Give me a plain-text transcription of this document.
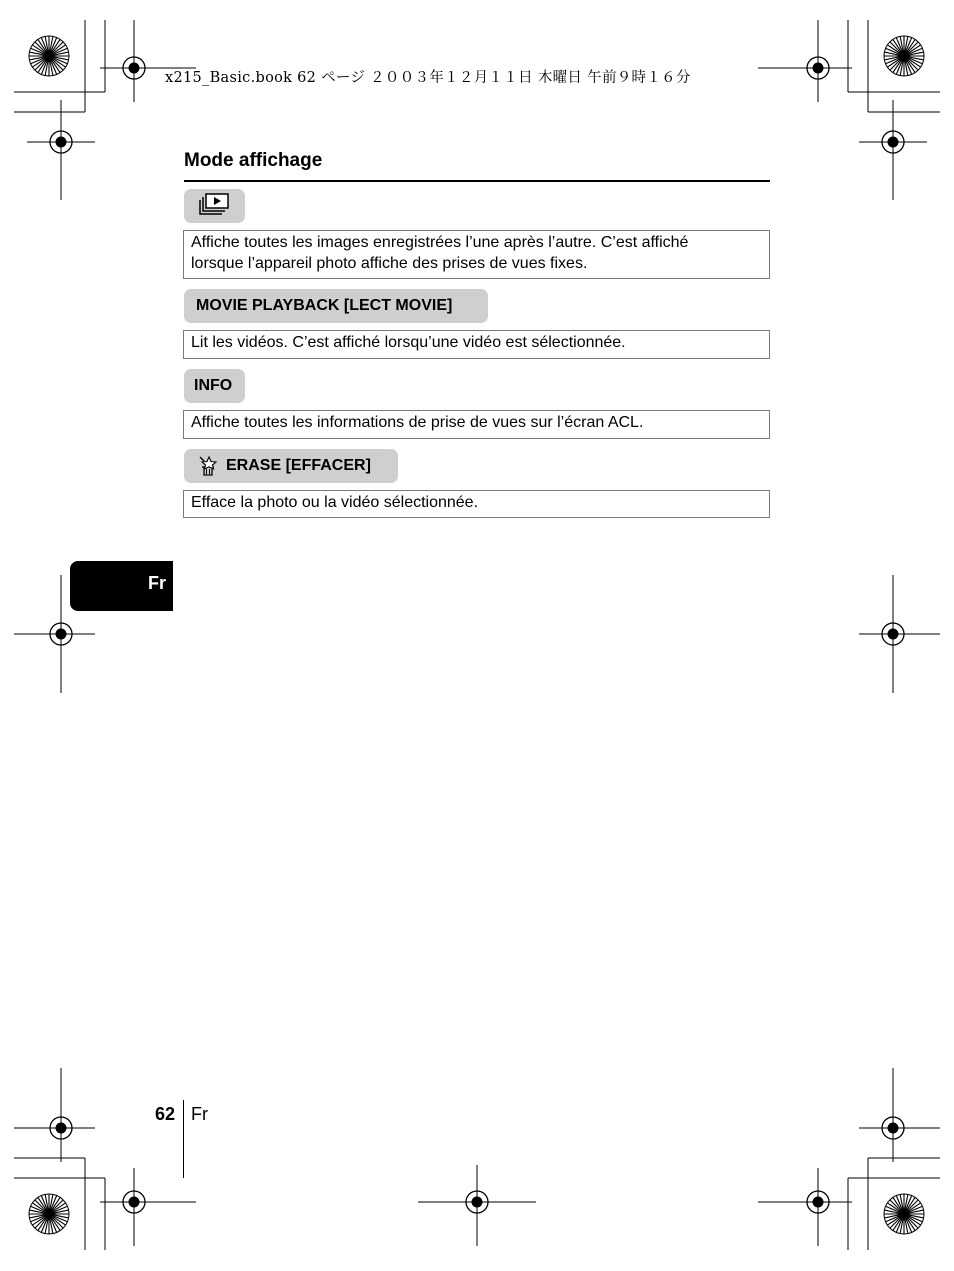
x215_Basic.book 62 ページ ２００３年１２月１１日 木曜日 午前９時１６分
Mode affichage
Affiche toutes les images enregistrées l’une après l’autre. C’est affiché
lorsque l’appareil photo affiche des prises de vues fixes.
MOVIE PLAYBACK [LECT MOVIE]
Lit les vidéos. C’est affiché lorsqu’une vidéo est sélectionnée.
INFO
Affiche toutes les informations de prise de vues sur l’écran ACL.
ERASE [EFFACER]
Efface la photo ou la vidéo sélectionnée.
Fr
62 Fr
